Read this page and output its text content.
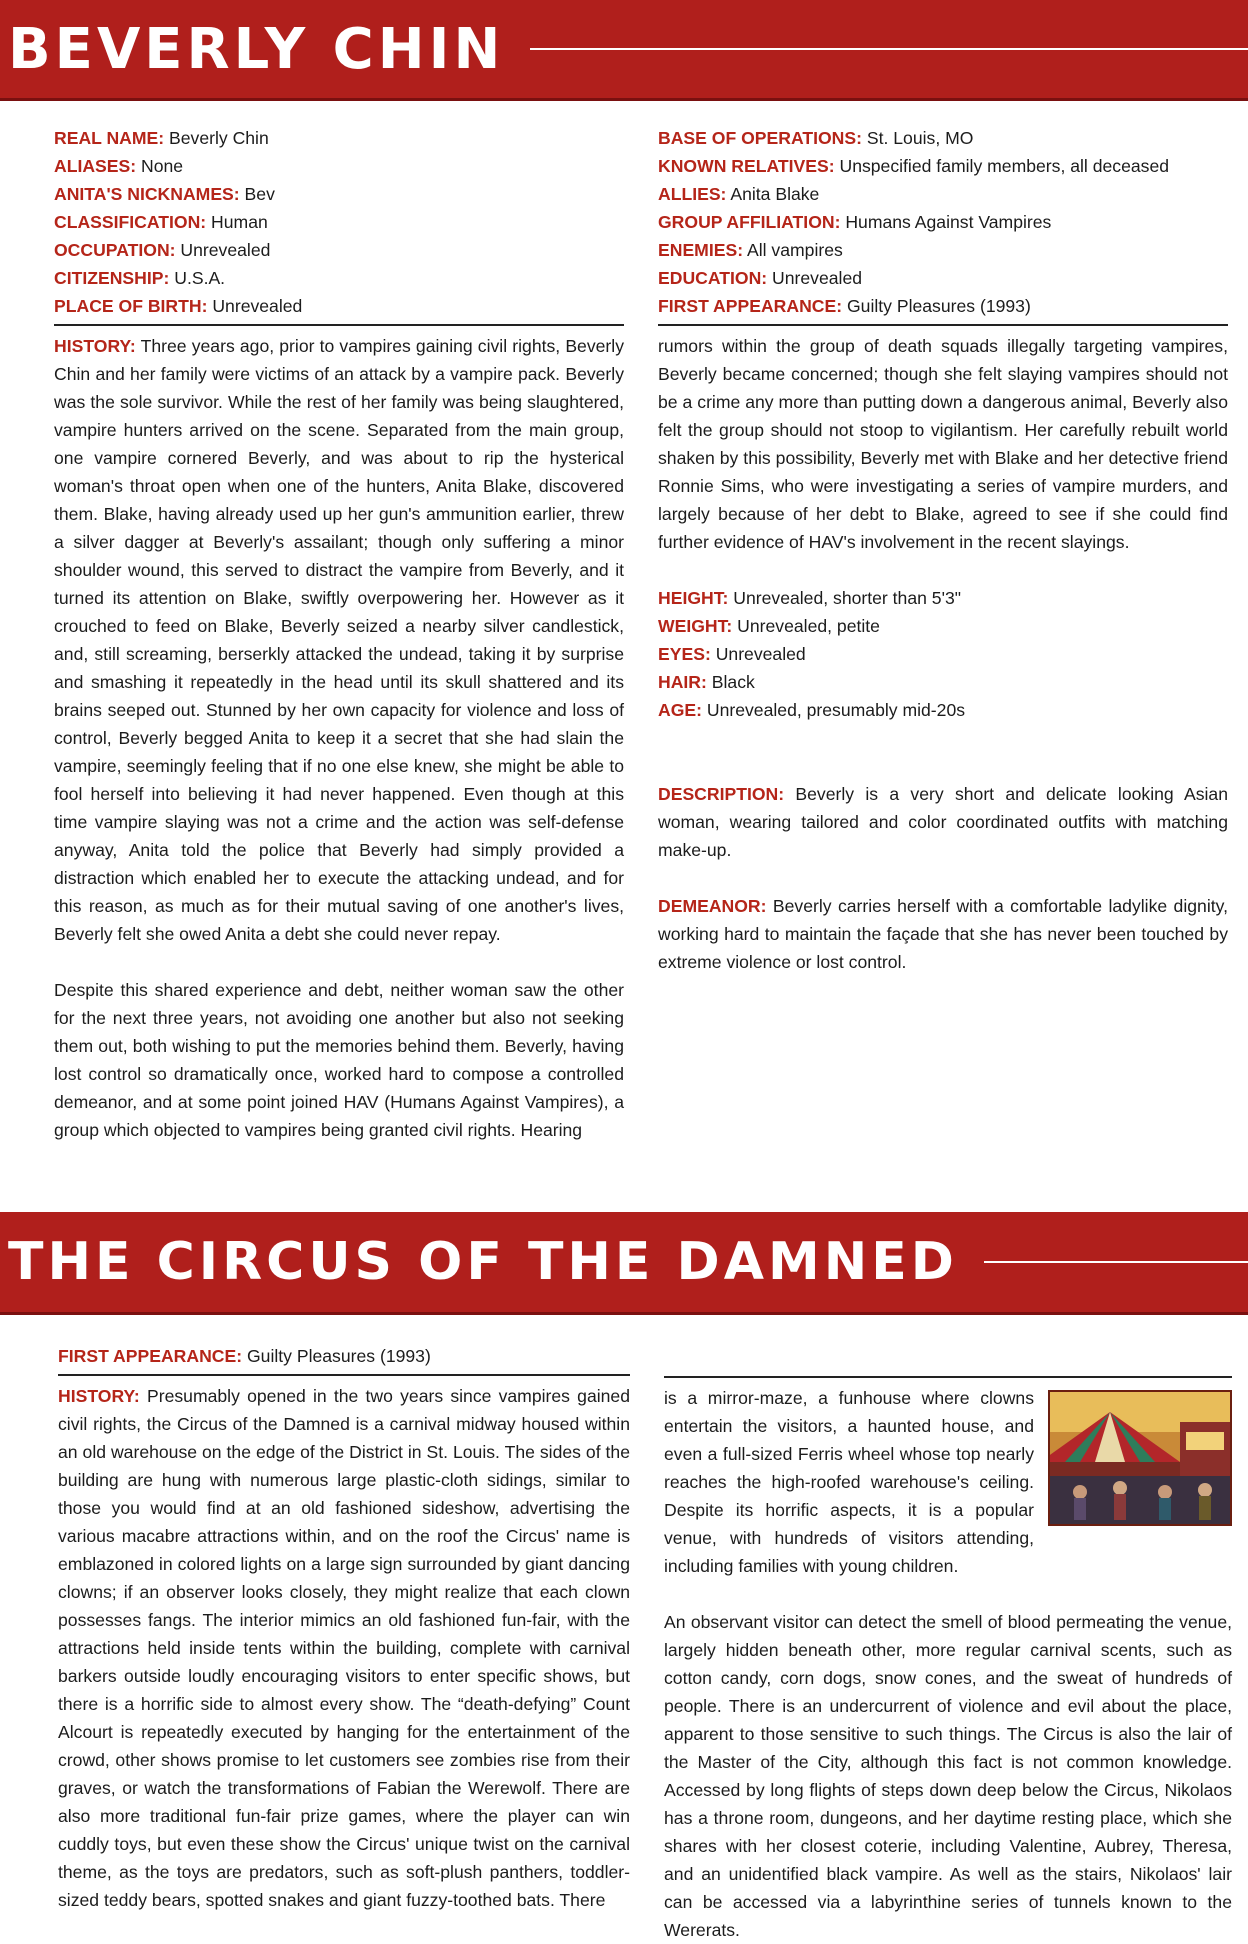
BEVERLY CHIN
REAL NAME: Beverly Chin
ALIASES: None
ANITA'S NICKNAMES: Bev
CLASSIFICATION: Human
OCCUPATION: Unrevealed
CITIZENSHIP: U.S.A.
PLACE OF BIRTH: Unrevealed

HISTORY: Three years ago, prior to vampires gaining civil rights, Beverly Chin and her family were victims of an attack by a vampire pack. Beverly was the sole survivor. While the rest of her family was being slaughtered, vampire hunters arrived on the scene. Separated from the main group, one vampire cornered Beverly, and was about to rip the hysterical woman's throat open when one of the hunters, Anita Blake, discovered them. Blake, having already used up her gun's ammunition earlier, threw a silver dagger at Beverly's assailant; though only suffering a minor shoulder wound, this served to distract the vampire from Beverly, and it turned its attention on Blake, swiftly overpowering her. However as it crouched to feed on Blake, Beverly seized a nearby silver candlestick, and, still screaming, berserkly attacked the undead, taking it by surprise and smashing it repeatedly in the head until its skull shattered and its brains seeped out. Stunned by her own capacity for violence and loss of control, Beverly begged Anita to keep it a secret that she had slain the vampire, seemingly feeling that if no one else knew, she might be able to fool herself into believing it had never happened. Even though at this time vampire slaying was not a crime and the action was self-defense anyway, Anita told the police that Beverly had simply provided a distraction which enabled her to execute the attacking undead, and for this reason, as much as for their mutual saving of one another's lives, Beverly felt she owed Anita a debt she could never repay.

Despite this shared experience and debt, neither woman saw the other for the next three years, not avoiding one another but also not seeking them out, both wishing to put the memories behind them. Beverly, having lost control so dramatically once, worked hard to compose a controlled demeanor, and at some point joined HAV (Humans Against Vampires), a group which objected to vampires being granted civil rights. Hearing

BASE OF OPERATIONS: St. Louis, MO
KNOWN RELATIVES: Unspecified family members, all deceased
ALLIES: Anita Blake
GROUP AFFILIATION: Humans Against Vampires
ENEMIES: All vampires
EDUCATION: Unrevealed
FIRST APPEARANCE: Guilty Pleasures (1993)

rumors within the group of death squads illegally targeting vampires, Beverly became concerned; though she felt slaying vampires should not be a crime any more than putting down a dangerous animal, Beverly also felt the group should not stoop to vigilantism. Her carefully rebuilt world shaken by this possibility, Beverly met with Blake and her detective friend Ronnie Sims, who were investigating a series of vampire murders, and largely because of her debt to Blake, agreed to see if she could find further evidence of HAV's involvement in the recent slayings.

HEIGHT: Unrevealed, shorter than 5'3"
WEIGHT: Unrevealed, petite
EYES: Unrevealed
HAIR: Black
AGE: Unrevealed, presumably mid-20s

DESCRIPTION: Beverly is a very short and delicate looking Asian woman, wearing tailored and color coordinated outfits with matching make-up.

DEMEANOR: Beverly carries herself with a comfortable ladylike dignity, working hard to maintain the façade that she has never been touched by extreme violence or lost control.

THE CIRCUS OF THE DAMNED
FIRST APPEARANCE: Guilty Pleasures (1993)

HISTORY: Presumably opened in the two years since vampires gained civil rights, the Circus of the Damned is a carnival midway housed within an old warehouse on the edge of the District in St. Louis. The sides of the building are hung with numerous large plastic-cloth sidings, similar to those you would find at an old fashioned sideshow, advertising the various macabre attractions within, and on the roof the Circus' name is emblazoned in colored lights on a large sign surrounded by giant dancing clowns; if an observer looks closely, they might realize that each clown possesses fangs. The interior mimics an old fashioned fun-fair, with the attractions held inside tents within the building, complete with carnival barkers outside loudly encouraging visitors to enter specific shows, but there is a horrific side to almost every show. The “death-defying” Count Alcourt is repeatedly executed by hanging for the entertainment of the crowd, other shows promise to let customers see zombies rise from their graves, or watch the transformations of Fabian the Werewolf. There are also more traditional fun-fair prize games, where the player can win cuddly toys, but even these show the Circus' unique twist on the carnival theme, as the toys are predators, such as soft-plush panthers, toddler-sized teddy bears, spotted snakes and giant fuzzy-toothed bats. There

is a mirror-maze, a funhouse where clowns entertain the visitors, a haunted house, and even a full-sized Ferris wheel whose top nearly reaches the high-roofed warehouse's ceiling. Despite its horrific aspects, it is a popular venue, with hundreds of visitors attending, including families with young children.

An observant visitor can detect the smell of blood permeating the venue, largely hidden beneath other, more regular carnival scents, such as cotton candy, corn dogs, snow cones, and the sweat of hundreds of people. There is an undercurrent of violence and evil about the place, apparent to those sensitive to such things. The Circus is also the lair of the Master of the City, although this fact is not common knowledge. Accessed by long flights of steps down deep below the Circus, Nikolaos has a throne room, dungeons, and her daytime resting place, which she shares with her closest coterie, including Valentine, Aubrey, Theresa, and an unidentified black vampire. As well as the stairs, Nikolaos' lair can be accessed via a labyrinthine series of tunnels known to the Wererats.
